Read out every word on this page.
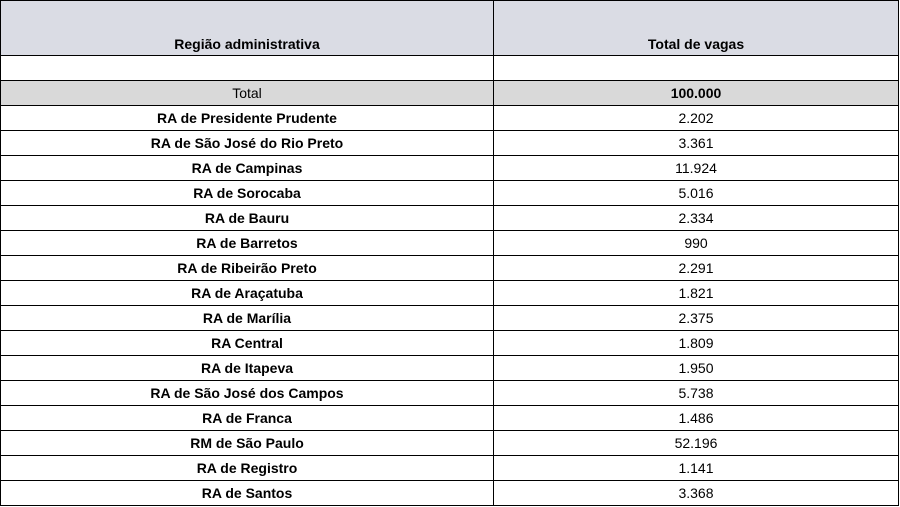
Região administrativa	Total de vagas

Total	100.000
RA de Presidente Prudente	2.202
RA de São José do Rio Preto	3.361
RA de Campinas	11.924
RA de Sorocaba	5.016
RA de Bauru	2.334
RA de Barretos	990
RA de Ribeirão Preto	2.291
RA de Araçatuba	1.821
RA de Marília	2.375
RA Central	1.809
RA de Itapeva	1.950
RA de São José dos Campos	5.738
RA de Franca	1.486
RM de São Paulo	52.196
RA de Registro	1.141
RA de Santos	3.368
